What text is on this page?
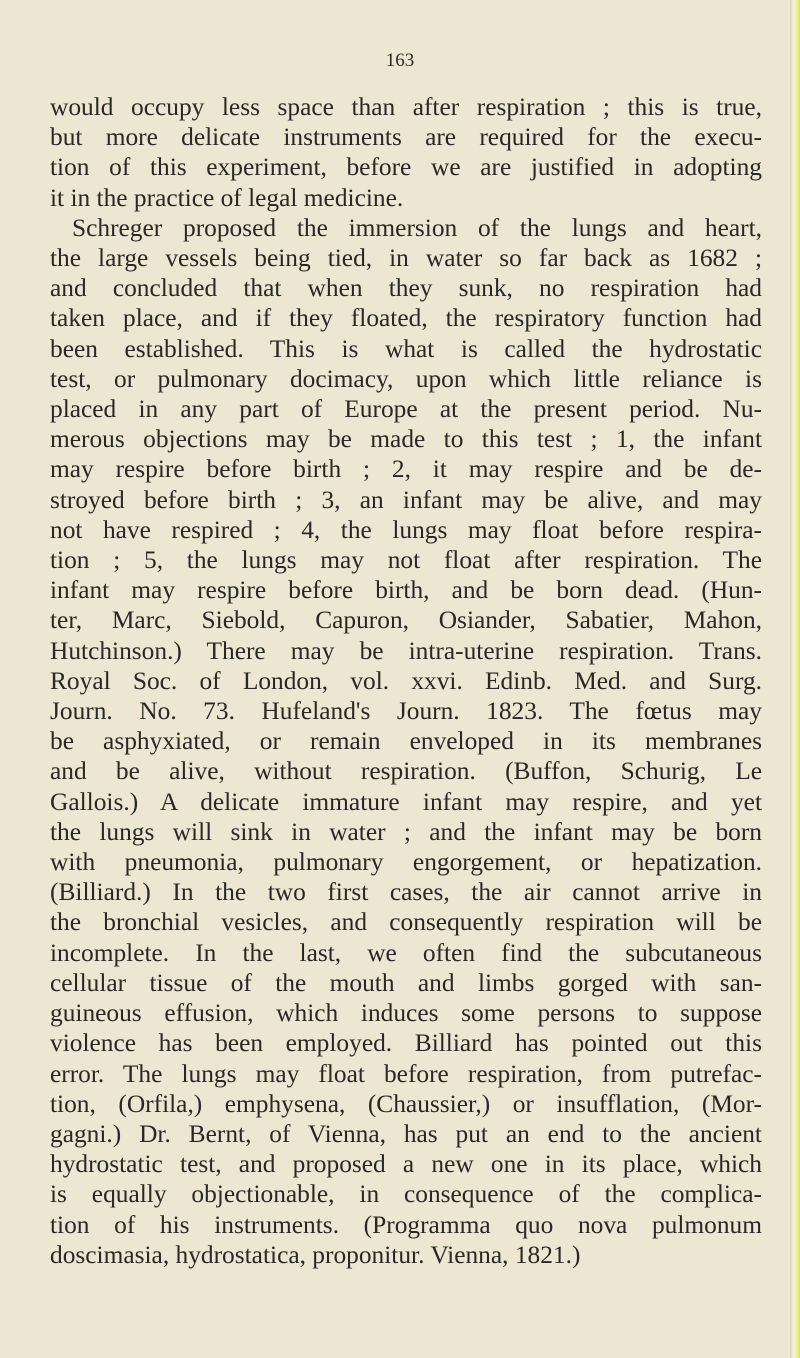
163
would occupy less space than after respiration ; this is true,
but more delicate instruments are required for the execu-
tion of this experiment, before we are justified in adopting
it in the practice of legal medicine.
Schreger proposed the immersion of the lungs and heart,
the large vessels being tied, in water so far back as 1682 ;
and concluded that when they sunk, no respiration had
taken place, and if they floated, the respiratory function had
been established. This is what is called the hydrostatic
test, or pulmonary docimacy, upon which little reliance is
placed in any part of Europe at the present period. Nu-
merous objections may be made to this test ; 1, the infant
may respire before birth ; 2, it may respire and be de-
stroyed before birth ; 3, an infant may be alive, and may
not have respired ; 4, the lungs may float before respira-
tion ; 5, the lungs may not float after respiration. The
infant may respire before birth, and be born dead. (Hun-
ter, Marc, Siebold, Capuron, Osiander, Sabatier, Mahon,
Hutchinson.) There may be intra-uterine respiration. Trans.
Royal Soc. of London, vol. xxvi. Edinb. Med. and Surg.
Journ. No. 73. Hufeland's Journ. 1823. The fœtus may
be asphyxiated, or remain enveloped in its membranes
and be alive, without respiration. (Buffon, Schurig, Le
Gallois.) A delicate immature infant may respire, and yet
the lungs will sink in water ; and the infant may be born
with pneumonia, pulmonary engorgement, or hepatization.
(Billiard.) In the two first cases, the air cannot arrive in
the bronchial vesicles, and consequently respiration will be
incomplete. In the last, we often find the subcutaneous
cellular tissue of the mouth and limbs gorged with san-
guineous effusion, which induces some persons to suppose
violence has been employed. Billiard has pointed out this
error. The lungs may float before respiration, from putrefac-
tion, (Orfila,) emphysena, (Chaussier,) or insufflation, (Mor-
gagni.) Dr. Bernt, of Vienna, has put an end to the ancient
hydrostatic test, and proposed a new one in its place, which
is equally objectionable, in consequence of the complica-
tion of his instruments. (Programma quo nova pulmonum
doscimasia, hydrostatica, proponitur. Vienna, 1821.)
